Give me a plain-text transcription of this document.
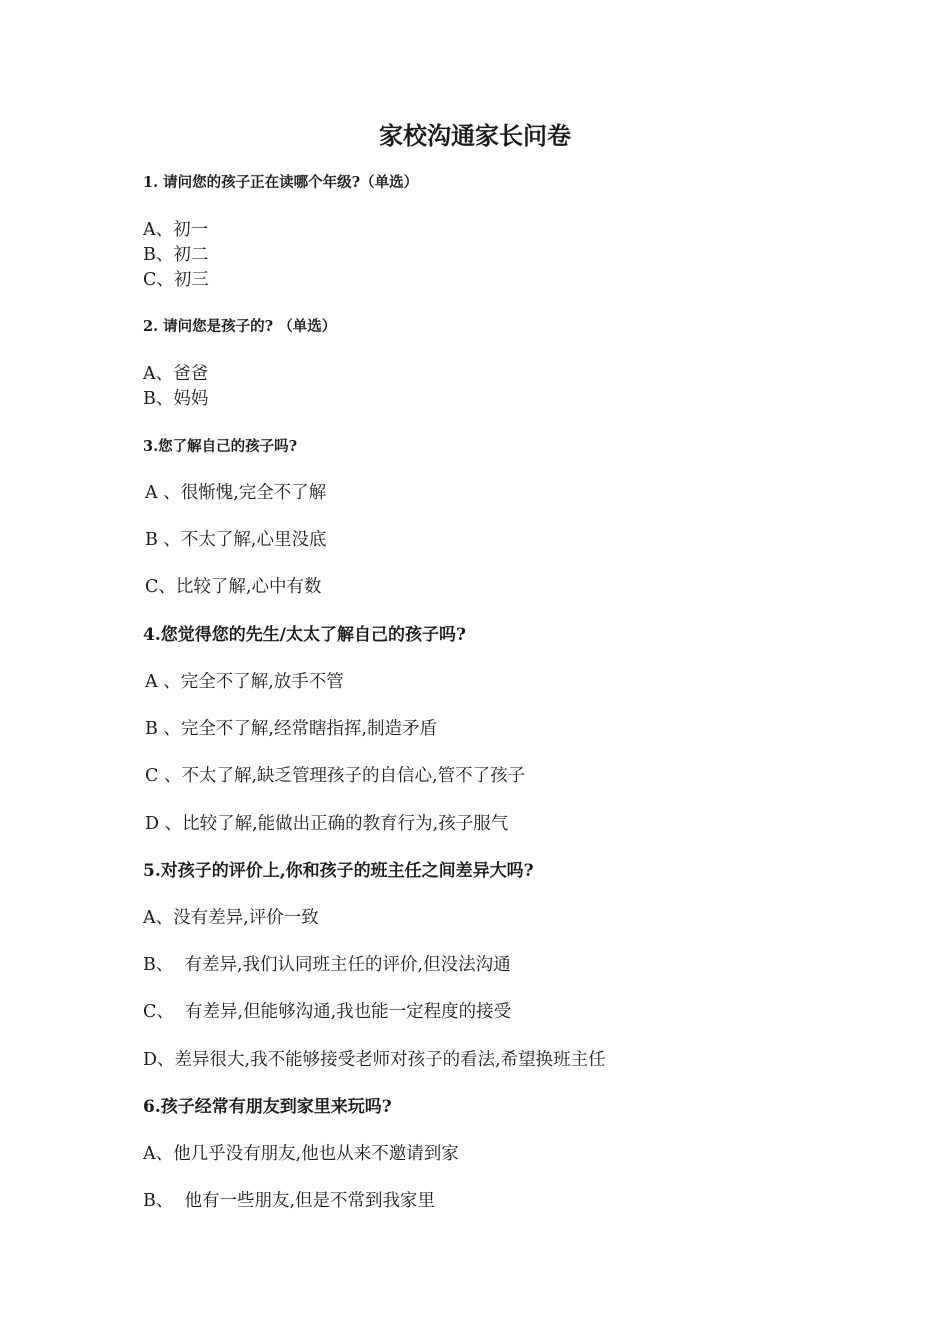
家校沟通家长问卷
1. 请问您的孩子正在读哪个年级?（单选）
A、初一
B、初二
C、初三
2. 请问您是孩子的? （单选）
A、爸爸
B、妈妈
3.您了解自己的孩子吗?
A 、很惭愧,完全不了解
B 、不太了解,心里没底
C、比较了解,心中有数
4.您觉得您的先生/太太了解自己的孩子吗?
A 、完全不了解,放手不管
B 、完全不了解,经常瞎指挥,制造矛盾
C 、不太了解,缺乏管理孩子的自信心,管不了孩子
D 、比较了解,能做出正确的教育行为,孩子服气
5.对孩子的评价上,你和孩子的班主任之间差异大吗?
A、没有差异,评价一致
B、  有差异,我们认同班主任的评价,但没法沟通
C、  有差异,但能够沟通,我也能一定程度的接受
D、差异很大,我不能够接受老师对孩子的看法,希望换班主任
6.孩子经常有朋友到家里来玩吗?
A、他几乎没有朋友,他也从来不邀请到家
B、  他有一些朋友,但是不常到我家里
